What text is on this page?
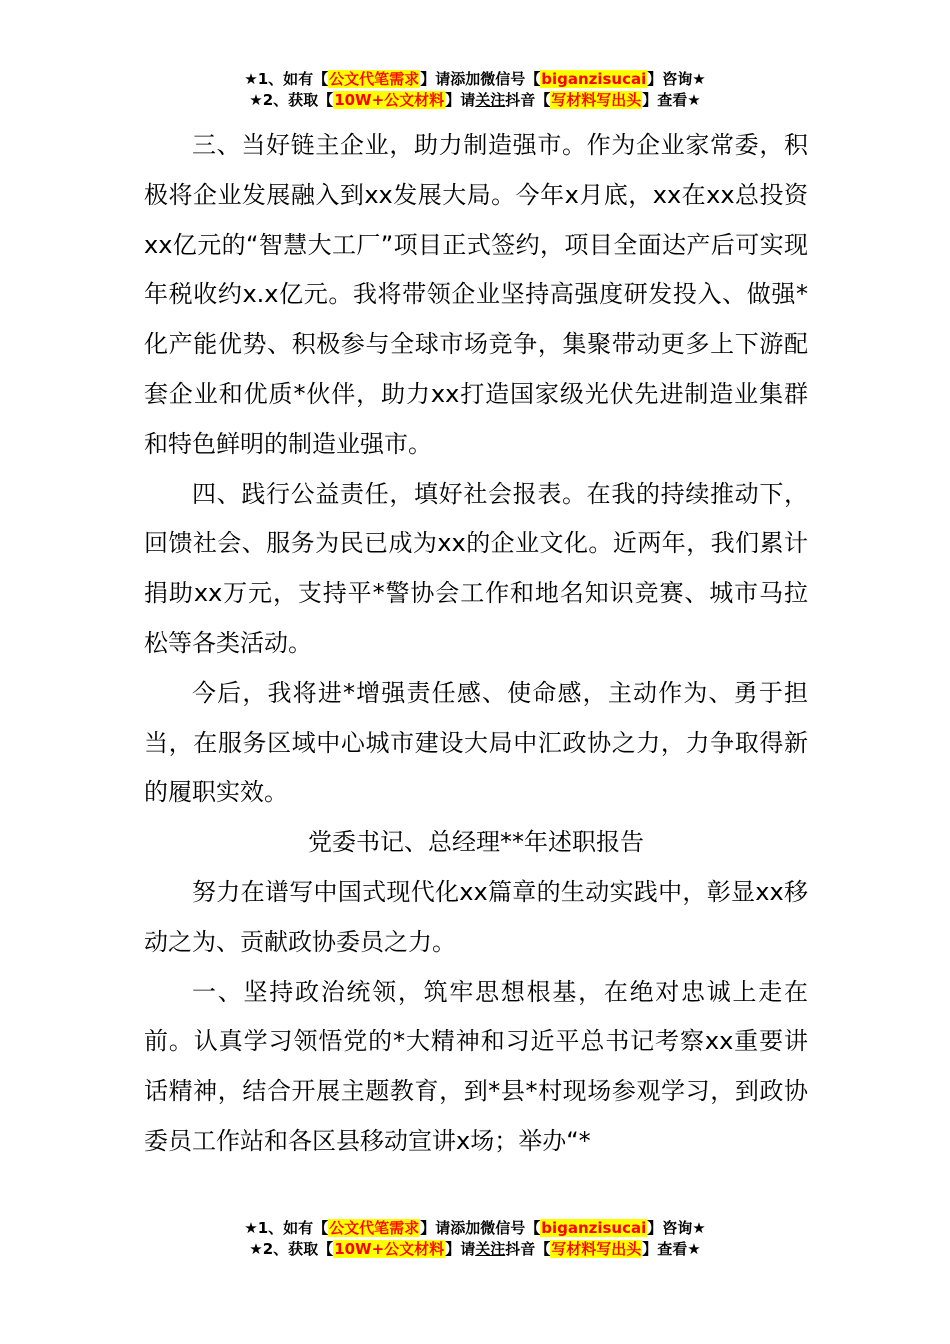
★1、如有【公文代笔需求】请添加微信号【biganzisucai】咨询★
★2、获取【10W+公文材料】请关注抖音【写材料写出头】查看★

三、当好链主企业，助力制造强市。作为企业家常委，积极将企业发展融入到xx发展大局。今年x月底，xx在xx总投资xx亿元的“智慧大工厂”项目正式签约，项目全面达产后可实现年税收约x.x亿元。我将带领企业坚持高强度研发投入、做强*化产能优势、积极参与全球市场竞争，集聚带动更多上下游配套企业和优质*伙伴，助力xx打造国家级光伏先进制造业集群和特色鲜明的制造业强市。

四、践行公益责任，填好社会报表。在我的持续推动下，回馈社会、服务为民已成为xx的企业文化。近两年，我们累计捐助xx万元，支持平*警协会工作和地名知识竞赛、城市马拉松等各类活动。

今后，我将进*增强责任感、使命感，主动作为、勇于担当，在服务区域中心城市建设大局中汇政协之力，力争取得新的履职实效。

党委书记、总经理**年述职报告

努力在谱写中国式现代化xx篇章的生动实践中，彰显xx移动之为、贡献政协委员之力。

一、坚持政治统领，筑牢思想根基，在绝对忠诚上走在前。认真学习领悟党的*大精神和习近平总书记考察xx重要讲话精神，结合开展主题教育，到*县*村现场参观学习，到政协委员工作站和各区县移动宣讲x场；举办“*

★1、如有【公文代笔需求】请添加微信号【biganzisucai】咨询★
★2、获取【10W+公文材料】请关注抖音【写材料写出头】查看★
